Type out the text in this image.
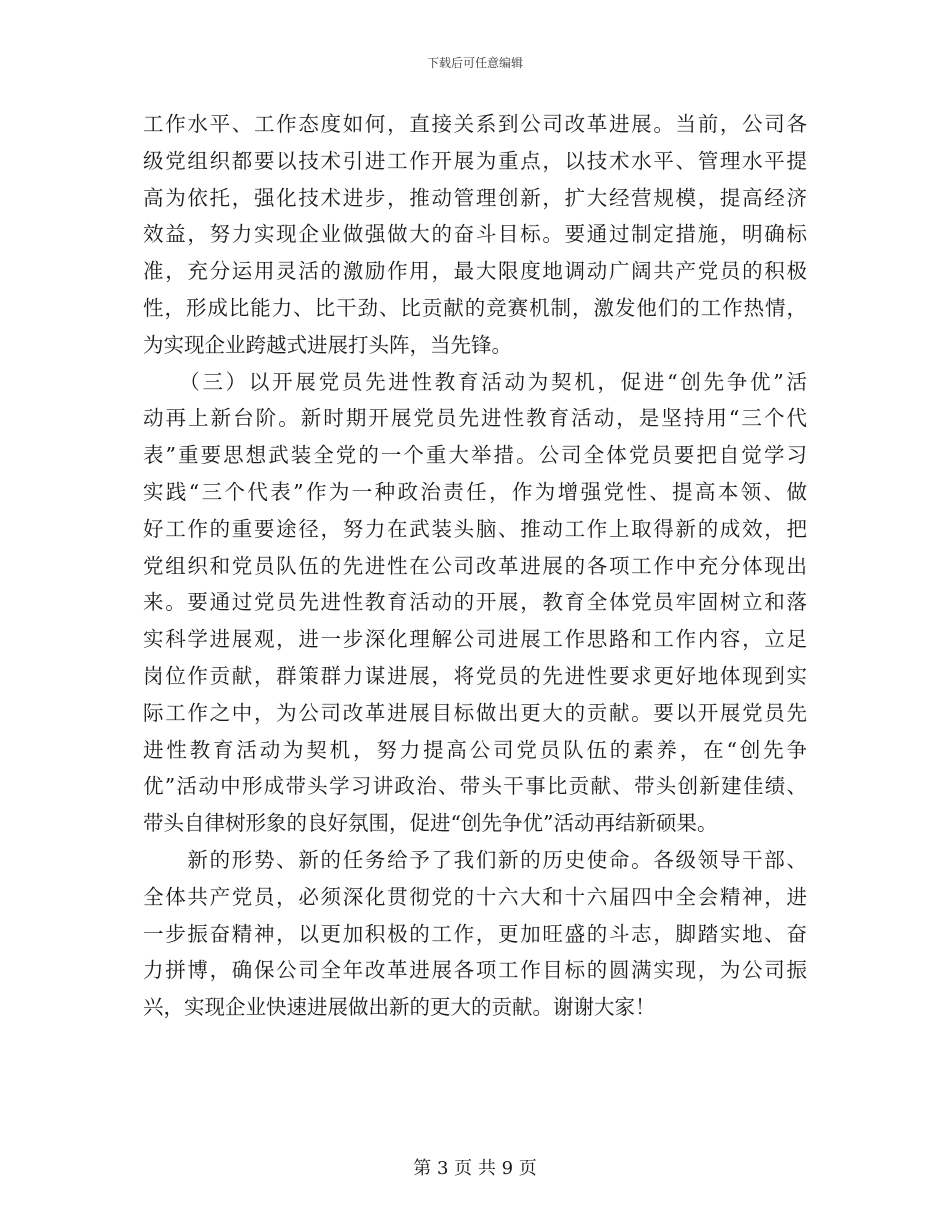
下载后可任意编辑
工作水平、工作态度如何，直接关系到公司改革进展。当前，公司各
级党组织都要以技术引进工作开展为重点，以技术水平、管理水平提
高为依托，强化技术进步，推动管理创新，扩大经营规模，提高经济
效益，努力实现企业做强做大的奋斗目标。要通过制定措施，明确标
准，充分运用灵活的激励作用，最大限度地调动广阔共产党员的积极
性，形成比能力、比干劲、比贡献的竞赛机制，激发他们的工作热情，
为实现企业跨越式进展打头阵，当先锋。
　　（三）以开展党员先进性教育活动为契机，促进“创先争优”活
动再上新台阶。新时期开展党员先进性教育活动，是坚持用“三个代
表”重要思想武装全党的一个重大举措。公司全体党员要把自觉学习
实践“三个代表”作为一种政治责任，作为增强党性、提高本领、做
好工作的重要途径，努力在武装头脑、推动工作上取得新的成效，把
党组织和党员队伍的先进性在公司改革进展的各项工作中充分体现出
来。要通过党员先进性教育活动的开展，教育全体党员牢固树立和落
实科学进展观，进一步深化理解公司进展工作思路和工作内容，立足
岗位作贡献，群策群力谋进展，将党员的先进性要求更好地体现到实
际工作之中，为公司改革进展目标做出更大的贡献。要以开展党员先
进性教育活动为契机，努力提高公司党员队伍的素养，在“创先争
优”活动中形成带头学习讲政治、带头干事比贡献、带头创新建佳绩、
带头自律树形象的良好氛围，促进“创先争优”活动再结新硕果。
　　新的形势、新的任务给予了我们新的历史使命。各级领导干部、
全体共产党员，必须深化贯彻党的十六大和十六届四中全会精神，进
一步振奋精神，以更加积极的工作，更加旺盛的斗志，脚踏实地、奋
力拼博，确保公司全年改革进展各项工作目标的圆满实现，为公司振
兴，实现企业快速进展做出新的更大的贡献。谢谢大家！
第 3 页 共 9 页
